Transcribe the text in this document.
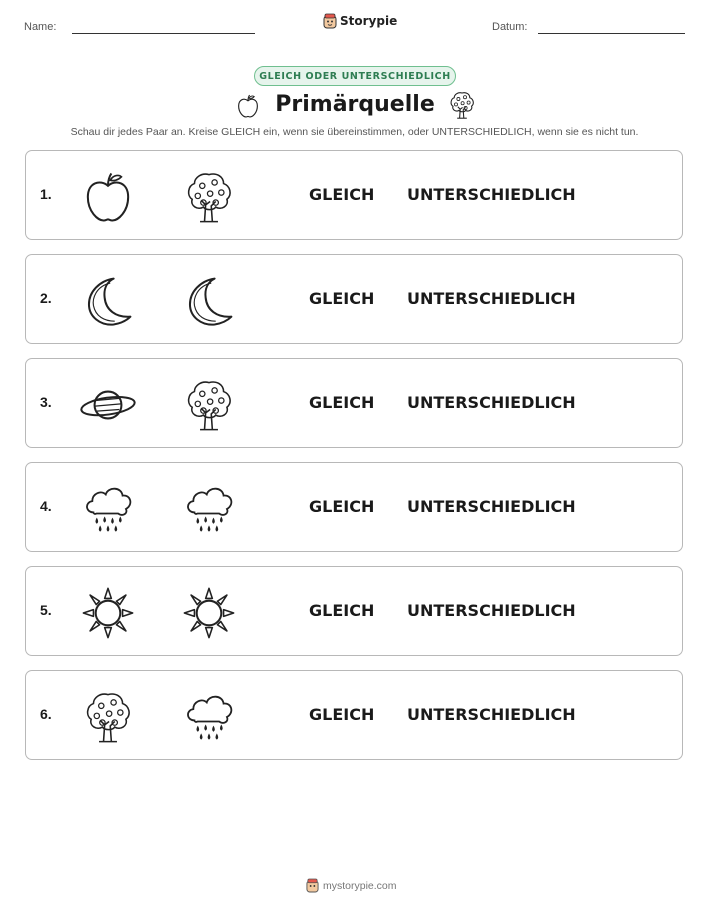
Name:	Storypie	Datum:
GLEICH ODER UNTERSCHIEDLICH
Primärquelle
Schau dir jedes Paar an. Kreise GLEICH ein, wenn sie übereinstimmen, oder UNTERSCHIEDLICH, wenn sie es nicht tun.
1.	GLEICH UNTERSCHIEDLICH
2.	GLEICH UNTERSCHIEDLICH
3.	GLEICH UNTERSCHIEDLICH
4.	GLEICH UNTERSCHIEDLICH
5.	GLEICH UNTERSCHIEDLICH
6.	GLEICH UNTERSCHIEDLICH
mystorypie.com
